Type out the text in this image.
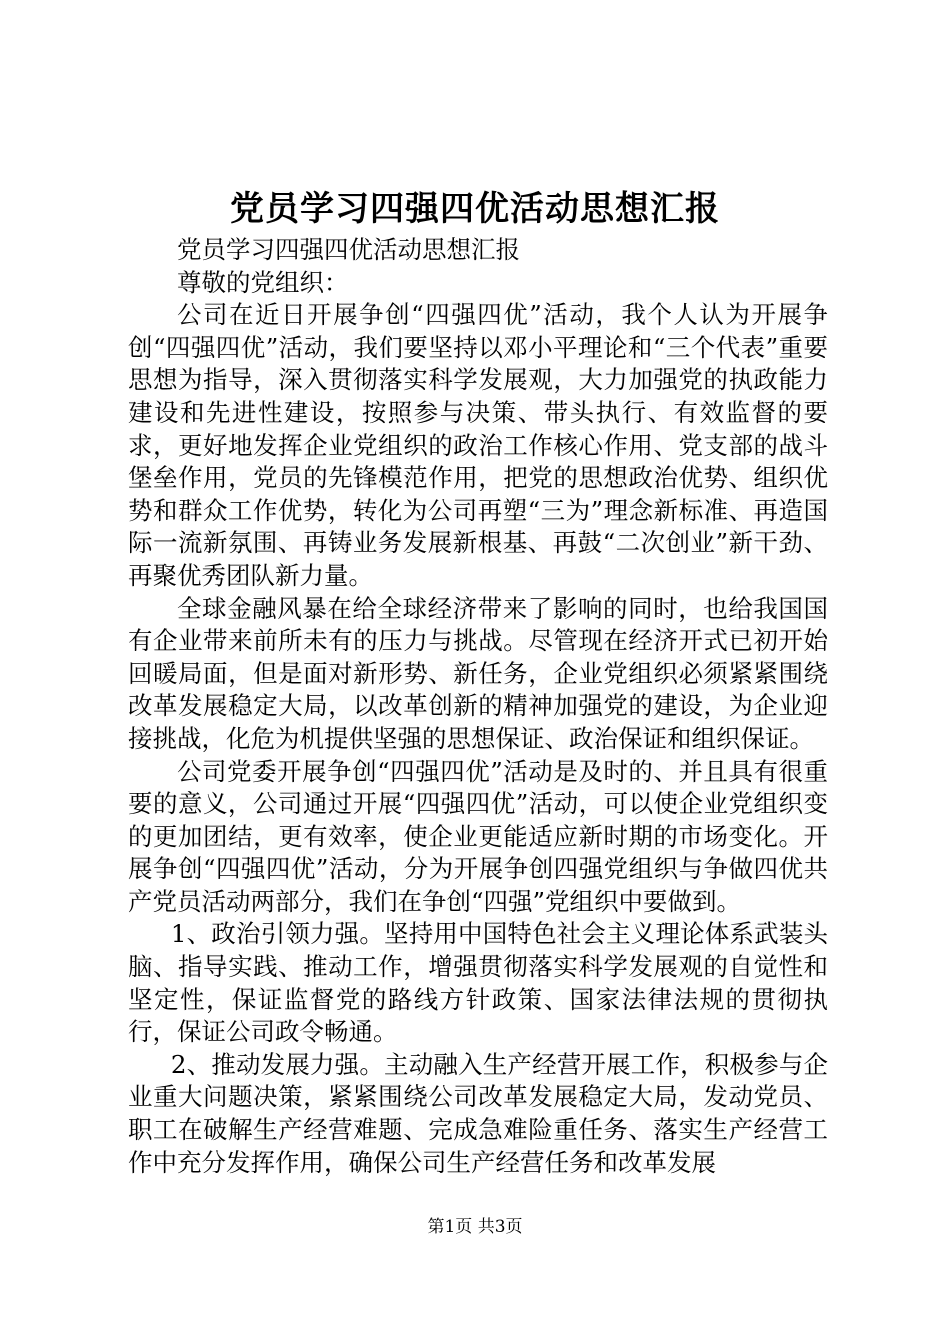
党员学习四强四优活动思想汇报

党员学习四强四优活动思想汇报

尊敬的党组织：

公司在近日开展争创“四强四优”活动，我个人认为开展争创“四强四优”活动，我们要坚持以邓小平理论和“三个代表”重要思想为指导，深入贯彻落实科学发展观，大力加强党的执政能力建设和先进性建设，按照参与决策、带头执行、有效监督的要求，更好地发挥企业党组织的政治工作核心作用、党支部的战斗堡垒作用，党员的先锋模范作用，把党的思想政治优势、组织优势和群众工作优势，转化为公司再塑“三为”理念新标准、再造国际一流新氛围、再铸业务发展新根基、再鼓“二次创业”新干劲、再聚优秀团队新力量。

全球金融风暴在给全球经济带来了影响的同时，也给我国国有企业带来前所未有的压力与挑战。尽管现在经济开式已初开始回暖局面，但是面对新形势、新任务，企业党组织必须紧紧围绕改革发展稳定大局，以改革创新的精神加强党的建设，为企业迎接挑战，化危为机提供坚强的思想保证、政治保证和组织保证。

公司党委开展争创“四强四优”活动是及时的、并且具有很重要的意义，公司通过开展“四强四优”活动，可以使企业党组织变的更加团结，更有效率，使企业更能适应新时期的市场变化。开展争创“四强四优”活动，分为开展争创四强党组织与争做四优共产党员活动两部分，我们在争创“四强”党组织中要做到。

1、政治引领力强。坚持用中国特色社会主义理论体系武装头脑、指导实践、推动工作，增强贯彻落实科学发展观的自觉性和坚定性，保证监督党的路线方针政策、国家法律法规的贯彻执行，保证公司政令畅通。

2、推动发展力强。主动融入生产经营开展工作，积极参与企业重大问题决策，紧紧围绕公司改革发展稳定大局，发动党员、职工在破解生产经营难题、完成急难险重任务、落实生产经营工作中充分发挥作用，确保公司生产经营任务和改革发展

第1页 共3页
